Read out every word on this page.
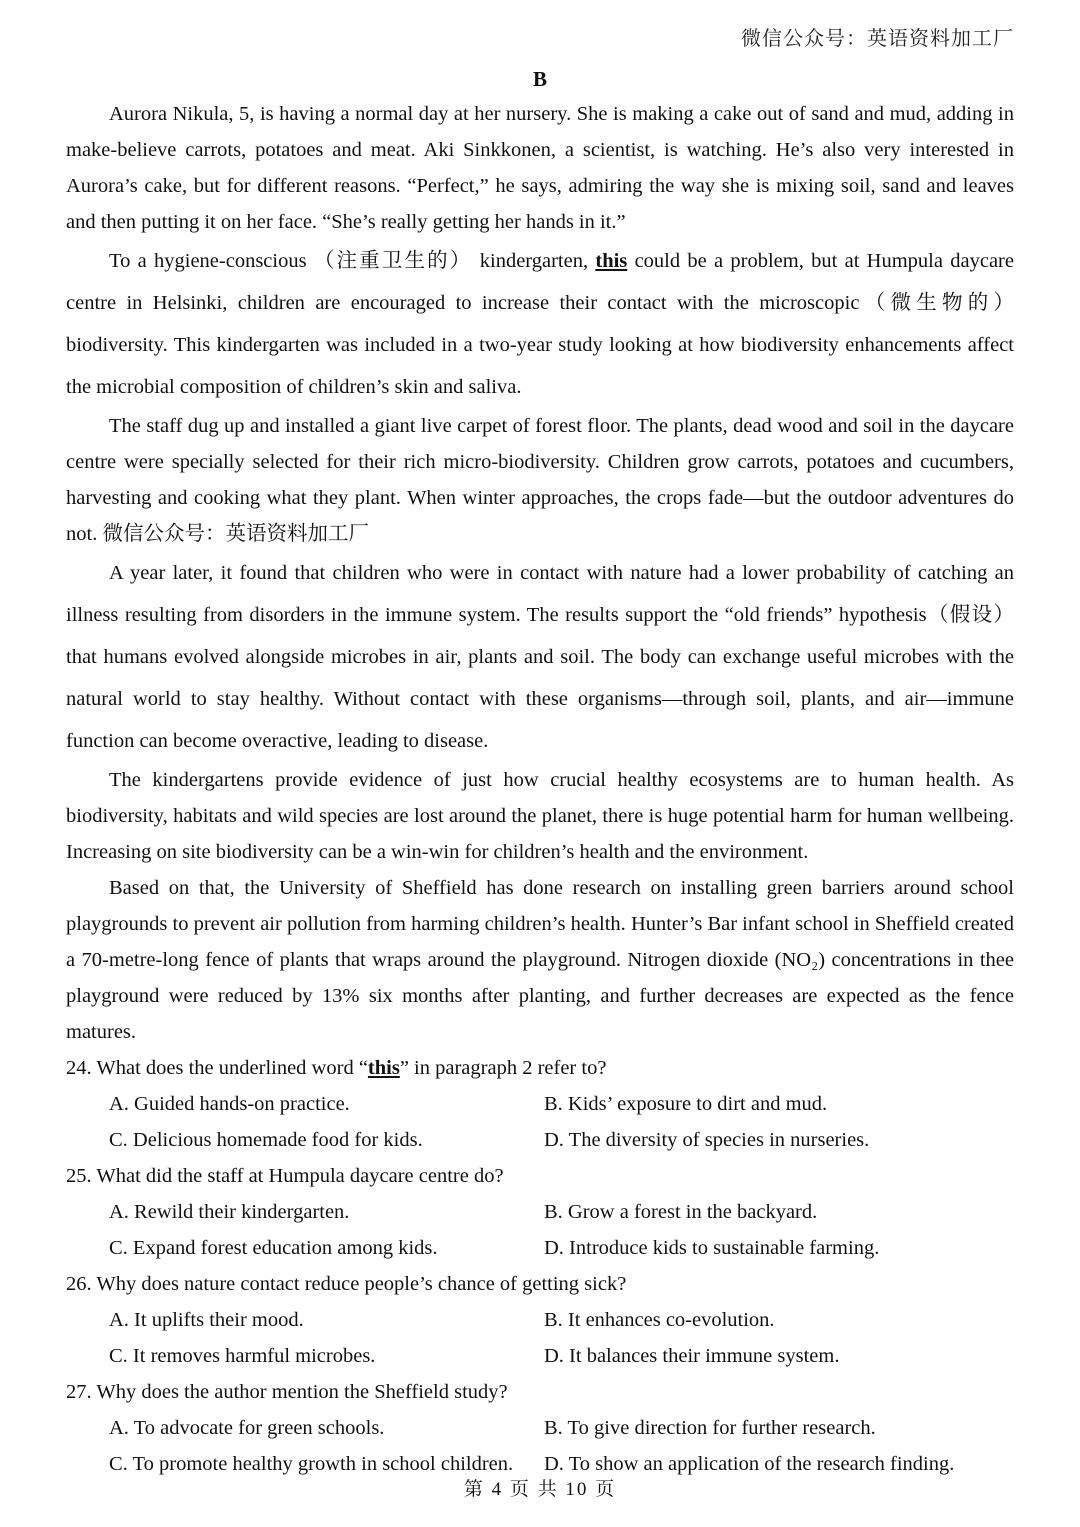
微信公众号：英语资料加工厂
B

Aurora Nikula, 5, is having a normal day at her nursery. She is making a cake out of sand and mud, adding in make-believe carrots, potatoes and meat. Aki Sinkkonen, a scientist, is watching. He’s also very interested in Aurora’s cake, but for different reasons. “Perfect,” he says, admiring the way she is mixing soil, sand and leaves and then putting it on her face. “She’s really getting her hands in it.”

To a hygiene-conscious （注重卫生的） kindergarten, this could be a problem, but at Humpula daycare centre in Helsinki, children are encouraged to increase their contact with the microscopic（微生物的） biodiversity. This kindergarten was included in a two-year study looking at how biodiversity enhancements affect the microbial composition of children’s skin and saliva.

The staff dug up and installed a giant live carpet of forest floor. The plants, dead wood and soil in the daycare centre were specially selected for their rich micro-biodiversity. Children grow carrots, potatoes and cucumbers, harvesting and cooking what they plant. When winter approaches, the crops fade—but the outdoor adventures do not. 微信公众号：英语资料加工厂

A year later, it found that children who were in contact with nature had a lower probability of catching an illness resulting from disorders in the immune system. The results support the “old friends” hypothesis（假设） that humans evolved alongside microbes in air, plants and soil. The body can exchange useful microbes with the natural world to stay healthy. Without contact with these organisms—through soil, plants, and air—immune function can become overactive, leading to disease.

The kindergartens provide evidence of just how crucial healthy ecosystems are to human health. As biodiversity, habitats and wild species are lost around the planet, there is huge potential harm for human wellbeing. Increasing on site biodiversity can be a win-win for children’s health and the environment.

Based on that, the University of Sheffield has done research on installing green barriers around school playgrounds to prevent air pollution from harming children’s health. Hunter’s Bar infant school in Sheffield created a 70-metre-long fence of plants that wraps around the playground. Nitrogen dioxide (NO₂) concentrations in thee playground were reduced by 13% six months after planting, and further decreases are expected as the fence matures.

24. What does the underlined word “this” in paragraph 2 refer to?

A. Guided hands-on practice.	B. Kids’ exposure to dirt and mud.
C. Delicious homemade food for kids.	D. The diversity of species in nurseries.

25. What did the staff at Humpula daycare centre do?

A. Rewild their kindergarten.	B. Grow a forest in the backyard.
C. Expand forest education among kids.	D. Introduce kids to sustainable farming.

26. Why does nature contact reduce people’s chance of getting sick?

A. It uplifts their mood.	B. It enhances co-evolution.
C. It removes harmful microbes.	D. It balances their immune system.

27. Why does the author mention the Sheffield study?

A. To advocate for green schools.	B. To give direction for further research.
C. To promote healthy growth in school children.	D. To show an application of the research finding.
第 4 页 共 10 页
